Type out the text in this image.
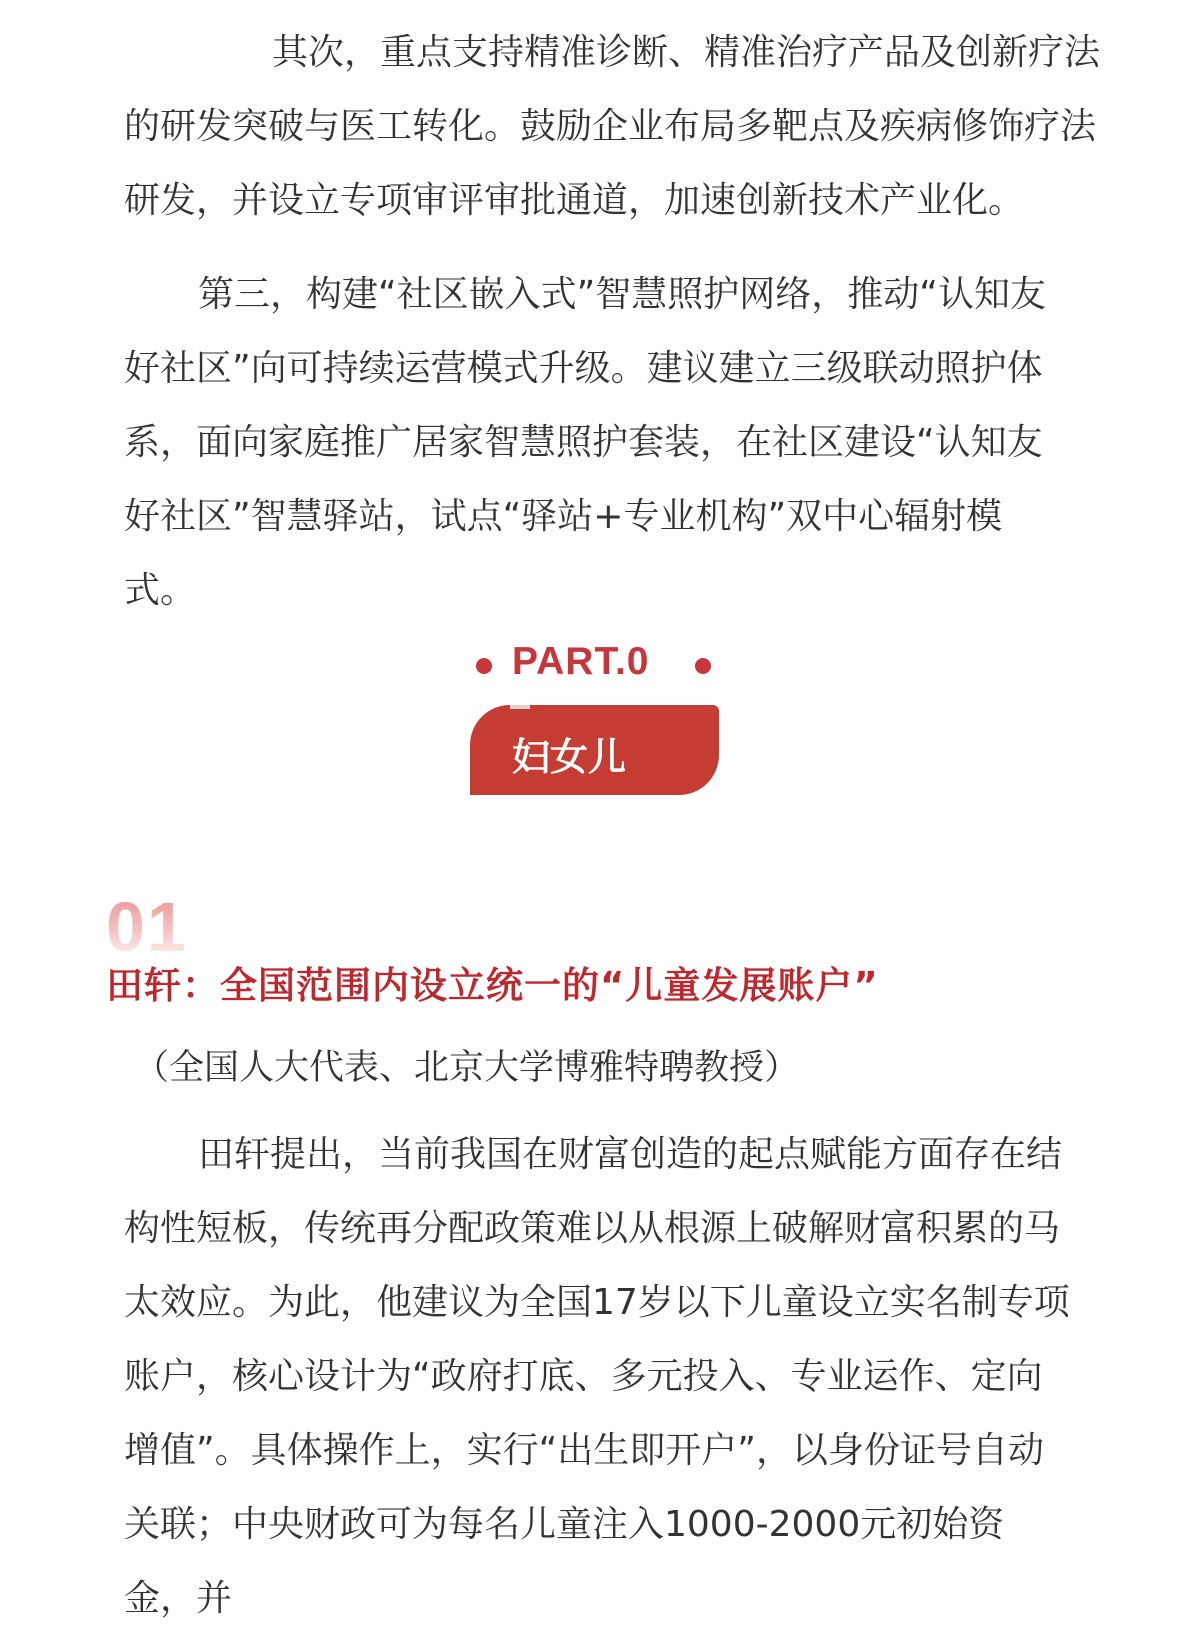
其次，重点支持精准诊断、精准治疗产品及创新疗法的研发突破与医工转化。鼓励企业布局多靶点及疾病修饰疗法研发，并设立专项审评审批通道，加速创新技术产业化。

第三，构建“社区嵌入式”智慧照护网络，推动“认知友好社区”向可持续运营模式升级。建议建立三级联动照护体系，面向家庭推广居家智慧照护套装，在社区建设“认知友好社区”智慧驿站，试点“驿站+专业机构”双中心辐射模式。

PART.0
妇女儿童
01
田轩：全国范围内设立统一的“儿童发展账户”

（全国人大代表、北京大学博雅特聘教授）

田轩提出，当前我国在财富创造的起点赋能方面存在结构性短板，传统再分配政策难以从根源上破解财富积累的马太效应。为此，他建议为全国17岁以下儿童设立实名制专项账户，核心设计为“政府打底、多元投入、专业运作、定向增值”。具体操作上，实行“出生即开户”，以身份证号自动关联；中央财政可为每名儿童注入1000-2000元初始资金，并
